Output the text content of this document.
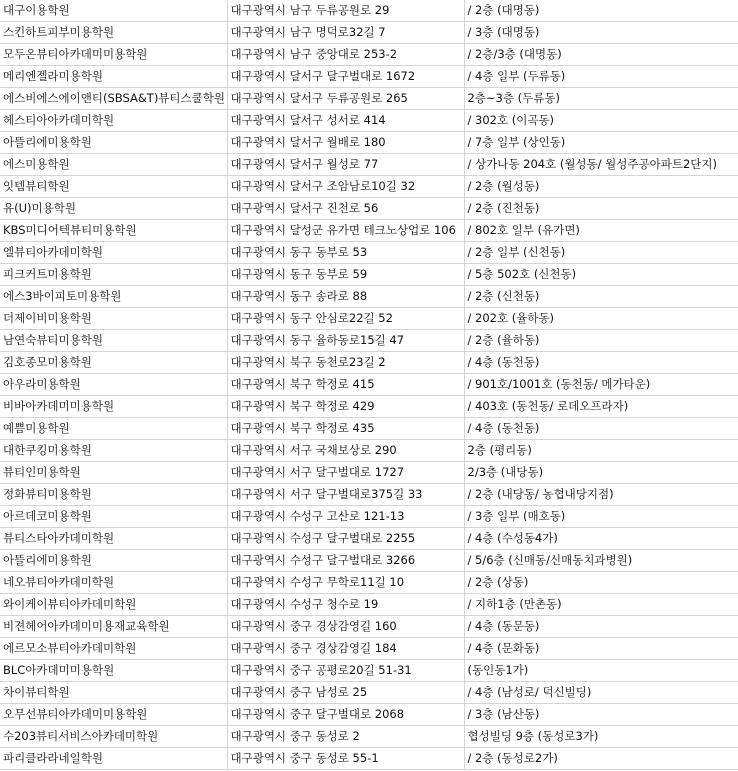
대구이용학원	대구광역시 남구 두류공원로 29	/ 2층 (대명동)
스킨하트피부미용학원	대구광역시 남구 명덕로32길 7	/ 3층 (대명동)
모두온뷰티아카데미미용학원	대구광역시 남구 중앙대로 253-2	/ 2층/3층 (대명동)
메리엔젤라미용학원	대구광역시 달서구 달구벌대로 1672	/ 4층 일부 (두류동)
에스비에스에이앤티(SBSA&T)뷰티스쿨학원	대구광역시 달서구 두류공원로 265	2층~3층 (두류동)
헤스티아아카데미학원	대구광역시 달서구 성서로 414	/ 302호 (이곡동)
아뜰리에미용학원	대구광역시 달서구 월배로 180	/ 7층 일부 (상인동)
에스미용학원	대구광역시 달서구 월성로 77	/ 상가나동 204호 (월성동/ 월성주공아파트2단지)
잇템뷰티학원	대구광역시 달서구 조암남로10길 32	/ 2층 (월성동)
유(U)미용학원	대구광역시 달서구 진천로 56	/ 2층 (진천동)
KBS미디어텍뷰티미용학원	대구광역시 달성군 유가면 테크노상업로 106	/ 802호 일부 (유가면)
엘뷰티아카데미학원	대구광역시 동구 동부로 53	/ 2층 일부 (신천동)
피크커트미용학원	대구광역시 동구 동부로 59	/ 5층 502호 (신천동)
에스3바이피토미용학원	대구광역시 동구 송라로 88	/ 2층 (신천동)
더제이비미용학원	대구광역시 동구 안심로22길 52	/ 202호 (율하동)
남연숙뷰티미용학원	대구광역시 동구 율하동로15길 47	/ 2층 (율하동)
김호종모미용학원	대구광역시 북구 동천로23길 2	/ 4층 (동천동)
아우라미용학원	대구광역시 북구 학정로 415	/ 901호/1001호 (동천동/ 메가타운)
비바아카데미미용학원	대구광역시 북구 학정로 429	/ 403호 (동천동/ 로데오프라자)
예쁨미용학원	대구광역시 북구 학정로 435	/ 4층 (동천동)
대한쿠킹미용학원	대구광역시 서구 국채보상로 290	2층 (평리동)
뷰티인미용학원	대구광역시 서구 달구벌대로 1727	2/3층 (내당동)
정화뷰티미용학원	대구광역시 서구 달구벌대로375길 33	/ 2층 (내당동/ 농협내당지점)
아르데코미용학원	대구광역시 수성구 고산로 121-13	/ 3층 일부 (매호동)
뷰티스타아카데미학원	대구광역시 수성구 달구벌대로 2255	/ 4층 (수성동4가)
아뜰리에미용학원	대구광역시 수성구 달구벌대로 3266	/ 5/6층 (신매동/신매동치과병원)
네오뷰티아카데미학원	대구광역시 수성구 무학로11길 10	/ 2층 (상동)
와이케이뷰티아카데미학원	대구광역시 수성구 청수로 19	/ 지하1층 (만촌동)
비젼헤어아카데미미용재교육학원	대구광역시 중구 경상감영길 160	/ 4층 (동문동)
에르모소뷰티아카데미학원	대구광역시 중구 경상감영길 184	/ 4층 (문화동)
BLC아카데미미용학원	대구광역시 중구 공평로20길 51-31	(동인동1가)
차이뷰티학원	대구광역시 중구 남성로 25	/ 4층 (남성로/ 덕신빌딩)
오무선뷰티아카데미미용학원	대구광역시 중구 달구벌대로 2068	/ 3층 (남산동)
수203뷰티서비스아카데미학원	대구광역시 중구 동성로 2	협성빌딩 9층 (동성로3가)
파리클라라네일학원	대구광역시 중구 동성로 55-1	/ 2층 (동성로2가)
